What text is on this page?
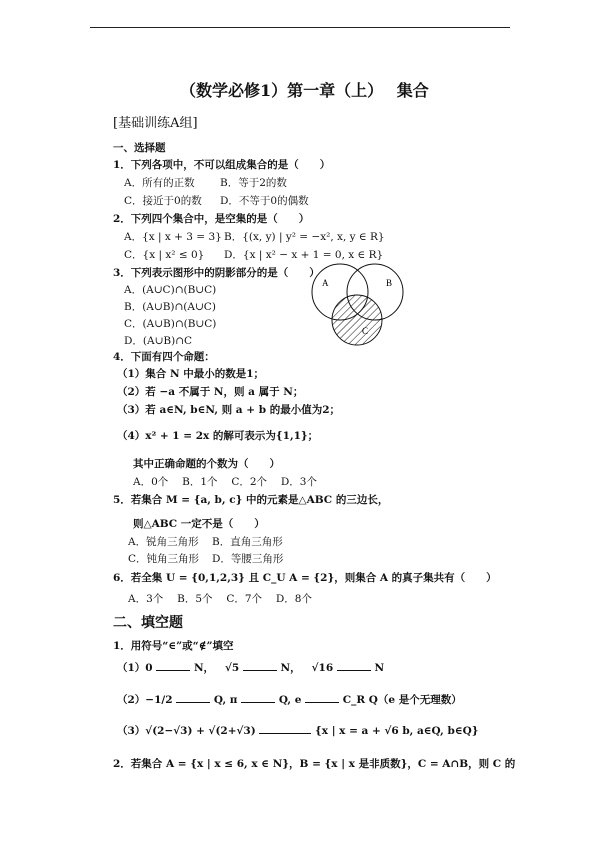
（数学必修1）第一章（上）　 集合
[基础训练A组]
一、选择题
1．下列各项中，不可以组成集合的是（　　）
A．所有的正数 B．等于2的数
C．接近于0的数 D．不等于0的偶数
2．下列四个集合中，是空集的是（　　）
A．{x | x + 3 = 3} B．{(x, y) | y² = −x², x, y ∈ R}
C．{x | x² ≤ 0} D．{x | x² − x + 1 = 0, x ∈ R}
3．下列表示图形中的阴影部分的是（　　）
A．(A∪C)∩(B∪C)
B．(A∪B)∩(A∪C)
C．(A∪B)∩(B∪C)
D．(A∪B)∩C
A	B
C
4．下面有四个命题：
（1）集合 N 中最小的数是1；
（2）若 −a 不属于 N，则 a 属于 N；
（3）若 a∈N, b∈N, 则 a + b 的最小值为2；
（4）x² + 1 = 2x 的解可表示为{1,1}；
其中正确命题的个数为（　　）
A．0个　 B．1个　 C．2个　 D．3个
5．若集合 M = {a, b, c} 中的元素是△ABC 的三边长，
则△ABC 一定不是（　　）
A．锐角三角形 B．直角三角形
C．钝角三角形 D．等腰三角形
6．若全集 U = {0,1,2,3} 且 C_U A = {2}，则集合 A 的真子集共有（　　）
A．3个　 B．5个　 C．7个　 D．8个
二、填空题
1．用符号“∈”或“∉”填空
（1）0	N， √5	N， √16	N
（2）−1/2	Q, π	Q, e	C_R Q（e 是个无理数）
（3）√(2−√3) + √(2+√3)	{x | x = a + √6 b, a∈Q, b∈Q}
2．若集合 A = {x | x ≤ 6, x ∈ N}，B = {x | x 是非质数}，C = A∩B，则 C 的
